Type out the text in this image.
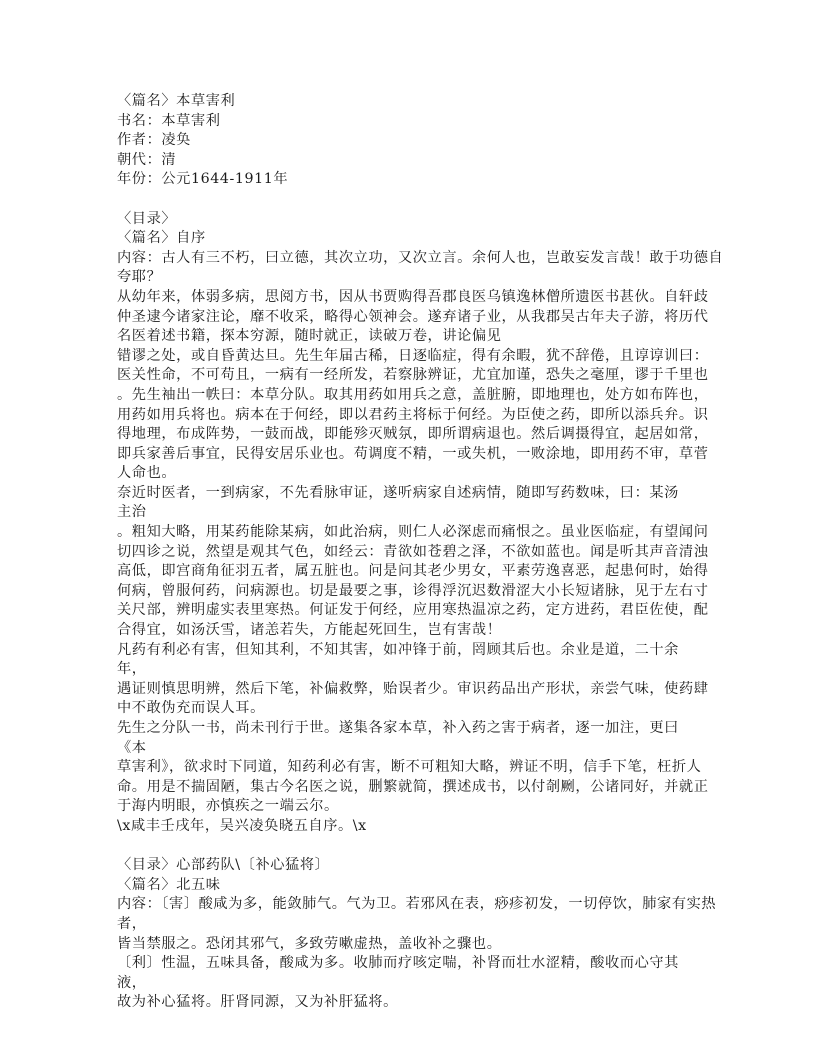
〈篇名〉本草害利
书名：本草害利
作者：凌奂
朝代：清
年份：公元1644-1911年
〈目录〉
〈篇名〉自序
内容：古人有三不朽，曰立德，其次立功，又次立言。余何人也，岂敢妄发言哉！敢于功德自
夸耶？
从幼年来，体弱多病，思阅方书，因从书贾购得吾郡良医乌镇逸林僧所遗医书甚伙。自轩歧
仲圣逮今诸家注论，靡不收采，略得心领神会。遂弃诸子业，从我郡吴古年夫子游，将历代
名医着述书籍，探本穷源，随时就正，读破万卷，讲论偏见
错谬之处，或自昏黄达旦。先生年届古稀，日逐临症，得有余暇，犹不辞倦，且谆谆训曰：
医关性命，不可苟且，一病有一经所发，若察脉辨证，尤宜加谨，恐失之毫厘，谬于千里也
。先生袖出一帙曰：本草分队。取其用药如用兵之意，盖脏腑，即地理也，处方如布阵也，
用药如用兵将也。病本在于何经，即以君药主将标于何经。为臣使之药，即所以添兵弁。识
得地理，布成阵势，一鼓而战，即能殄灭贼氛，即所谓病退也。然后调摄得宜，起居如常，
即兵家善后事宜，民得安居乐业也。苟调度不精，一或失机，一败涂地，即用药不审，草菅
人命也。
奈近时医者，一到病家，不先看脉审证，遂听病家自述病情，随即写药数味，曰：某汤
主治
。粗知大略，用某药能除某病，如此治病，则仁人必深虑而痛恨之。虽业医临症，有望闻问
切四诊之说，然望是观其气色，如经云：青欲如苍碧之泽，不欲如蓝也。闻是听其声音清浊
高低，即宫商角征羽五者，属五脏也。问是问其老少男女，平素劳逸喜恶，起患何时，始得
何病，曾服何药，问病源也。切是最要之事，诊得浮沉迟数滑涩大小长短诸脉，见于左右寸
关尺部，辨明虚实表里寒热。何证发于何经，应用寒热温凉之药，定方进药，君臣佐使，配
合得宜，如汤沃雪，诸恙若失，方能起死回生，岂有害哉！
凡药有利必有害，但知其利，不知其害，如冲锋于前，罔顾其后也。余业是道，二十余
年，
遇证则慎思明辨，然后下笔，补偏救弊，贻误者少。审识药品出产形状，亲尝气味，使药肆
中不敢伪充而误人耳。
先生之分队一书，尚未刊行于世。遂集各家本草，补入药之害于病者，逐一加注，更曰
《本
草害利》，欲求时下同道，知药利必有害，断不可粗知大略，辨证不明，信手下笔，枉折人
命。用是不揣固陋，集古今名医之说，删繁就简，撰述成书，以付剞劂，公诸同好，并就正
于海内明眼，亦慎疾之一端云尔。
\x咸丰壬戌年，吴兴凌奂晓五自序。\x
〈目录〉心部药队\〔补心猛将〕
〈篇名〉北五味
内容：〔害〕酸咸为多，能敛肺气。气为卫。若邪风在表，痧疹初发，一切停饮，肺家有实热
者，
皆当禁服之。恐闭其邪气，多致劳嗽虚热，盖收补之骤也。
〔利〕性温，五味具备，酸咸为多。收肺而疗咳定喘，补肾而壮水涩精，酸收而心守其
液，
故为补心猛将。肝肾同源，又为补肝猛将。
